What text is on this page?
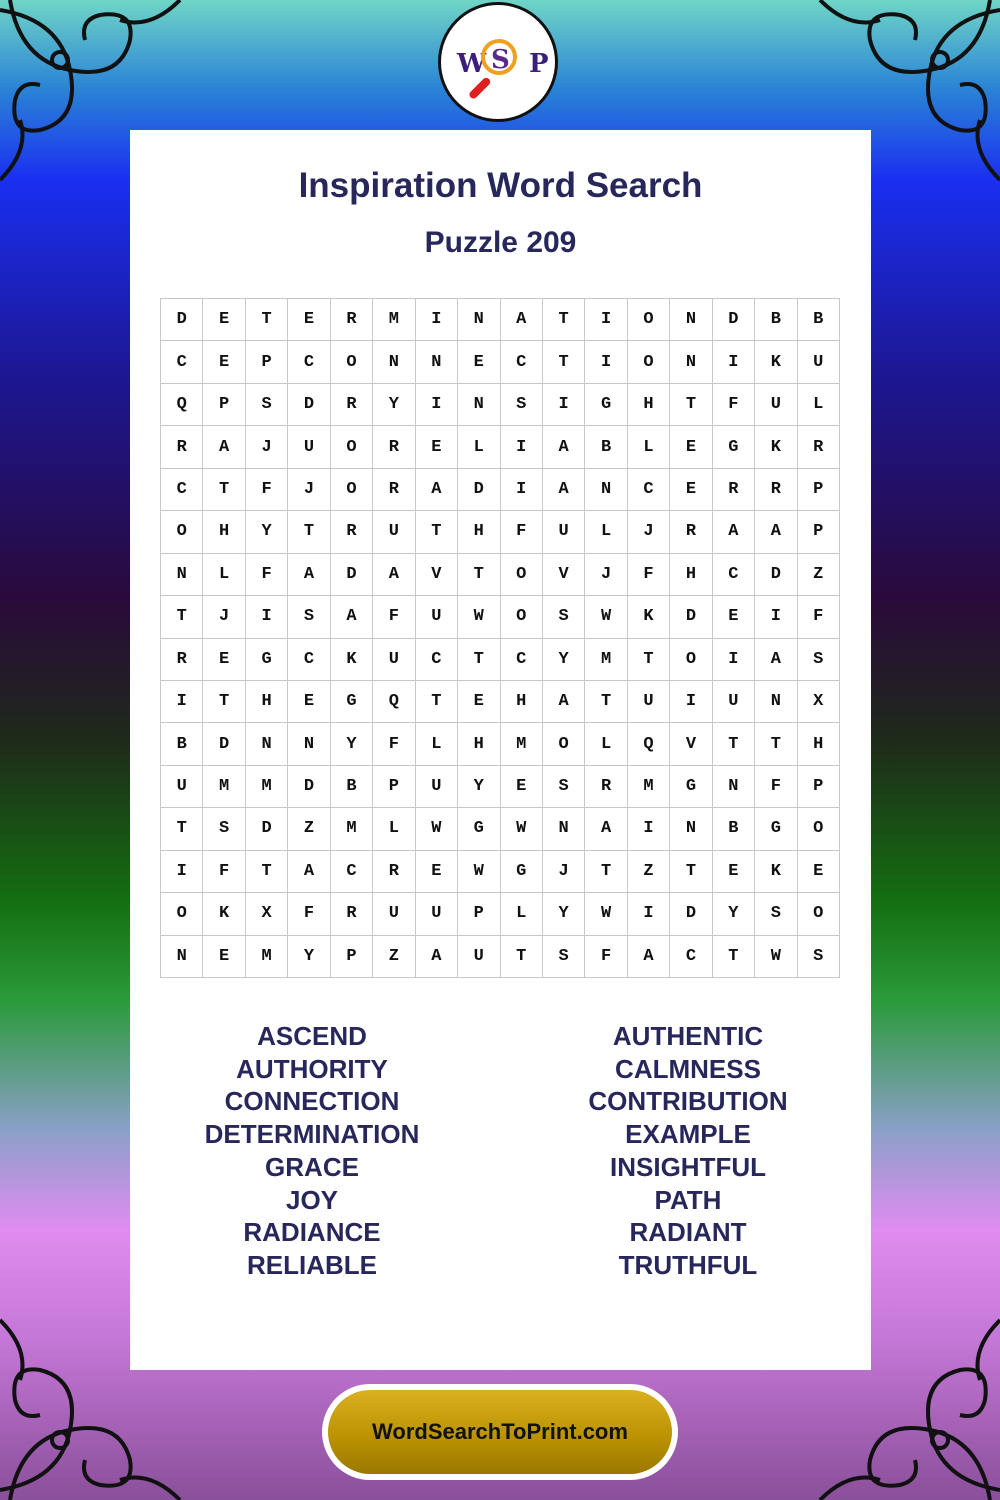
W S P
Inspiration Word Search
Puzzle 209
D	E	T	E	R	M	I	N	A	T	I	O	N	D	B	B
C	E	P	C	O	N	N	E	C	T	I	O	N	I	K	U
Q	P	S	D	R	Y	I	N	S	I	G	H	T	F	U	L
R	A	J	U	O	R	E	L	I	A	B	L	E	G	K	R
C	T	F	J	O	R	A	D	I	A	N	C	E	R	R	P
O	H	Y	T	R	U	T	H	F	U	L	J	R	A	A	P
N	L	F	A	D	A	V	T	O	V	J	F	H	C	D	Z
T	J	I	S	A	F	U	W	O	S	W	K	D	E	I	F
R	E	G	C	K	U	C	T	C	Y	M	T	O	I	A	S
I	T	H	E	G	Q	T	E	H	A	T	U	I	U	N	X
B	D	N	N	Y	F	L	H	M	O	L	Q	V	T	T	H
U	M	M	D	B	P	U	Y	E	S	R	M	G	N	F	P
T	S	D	Z	M	L	W	G	W	N	A	I	N	B	G	O
I	F	T	A	C	R	E	W	G	J	T	Z	T	E	K	E
O	K	X	F	R	U	U	P	L	Y	W	I	D	Y	S	O
N	E	M	Y	P	Z	A	U	T	S	F	A	C	T	W	S
ASCEND
AUTHORITY
CONNECTION
DETERMINATION
GRACE
JOY
RADIANCE
RELIABLE
AUTHENTIC
CALMNESS
CONTRIBUTION
EXAMPLE
INSIGHTFUL
PATH
RADIANT
TRUTHFUL
WordSearchToPrint.com
